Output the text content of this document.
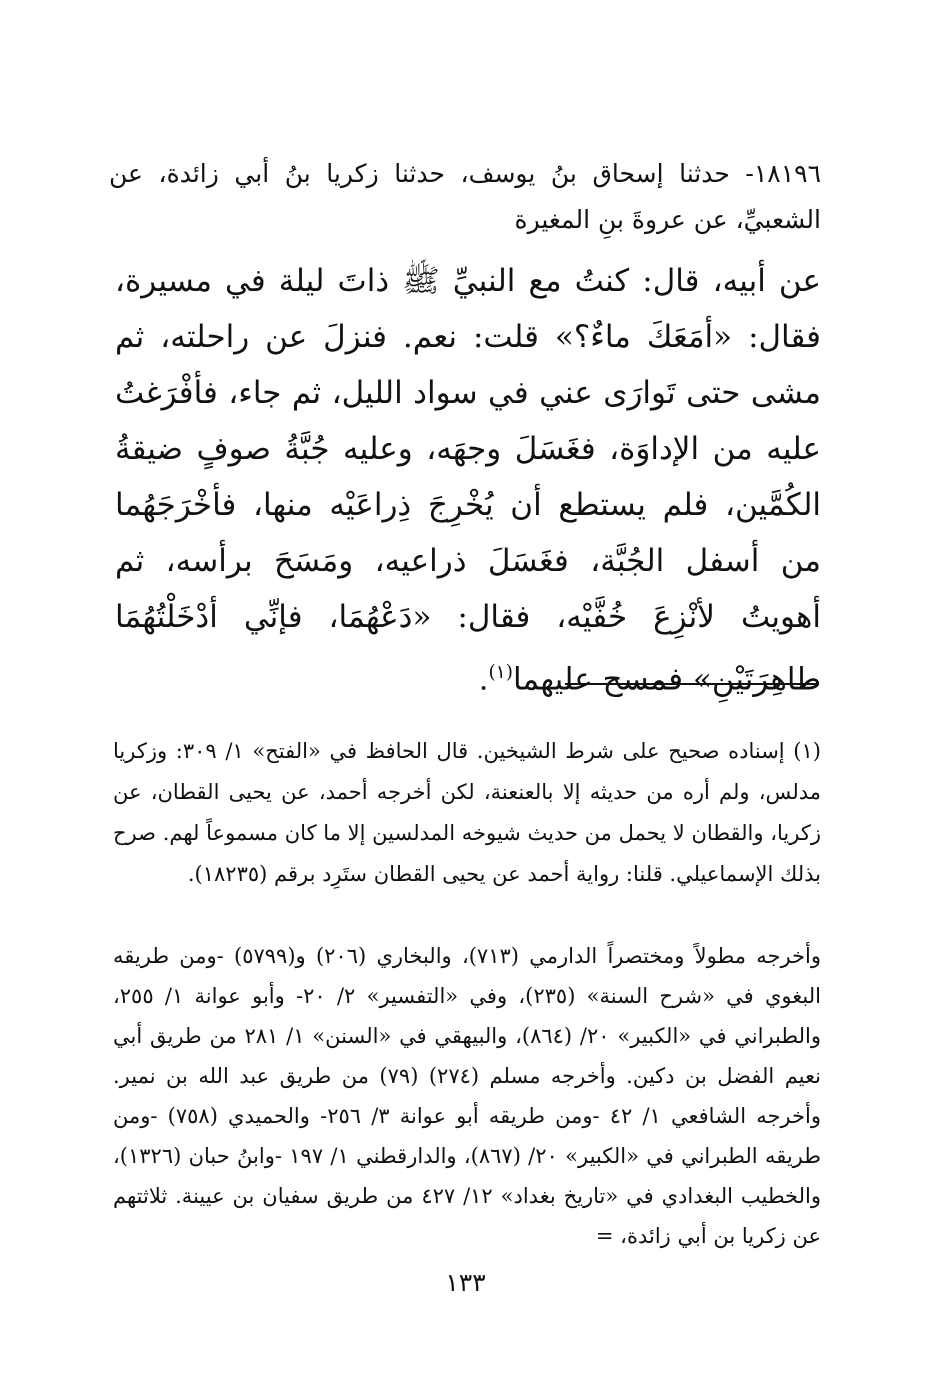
١٨١٩٦- حدثنا إسحاق بنُ يوسف، حدثنا زكريا بنُ أبي زائدة، عن الشعبيِّ، عن عروةَ بنِ المغيرة

عن أبيه، قال: كنتُ مع النبيِّ ﷺ ذاتَ ليلة في مسيرة، فقال: «أمَعَكَ ماءٌ؟» قلت: نعم. فنزلَ عن راحلته، ثم مشى حتى تَوارَى عني في سواد الليل، ثم جاء، فأفْرَغتُ عليه من الإداوَة، فغَسَلَ وجهَه، وعليه جُبَّةُ صوفٍ ضيقةُ الكُمَّين، فلم يستطع أن يُخْرِجَ ذِراعَيْه منها، فأخْرَجَهُما من أسفل الجُبَّة، فغَسَلَ ذراعيه، ومَسَحَ برأسه، ثم أهويتُ لأنْزِعَ خُفَّيْه، فقال: «دَعْهُمَا، فإنِّي أدْخَلْتُهُمَا طاهِرَتَيْنِ» فمسح عليهما$^{(١)}$.

(١) إسناده صحيح على شرط الشيخين. قال الحافظ في «الفتح» ١/ ٣٠٩: وزكريا مدلس، ولم أره من حديثه إلا بالعنعنة، لكن أخرجه أحمد، عن يحيى القطان، عن زكريا، والقطان لا يحمل من حديث شيوخه المدلسين إلا ما كان مسموعاً لهم. صرح بذلك الإسماعيلي. قلنا: رواية أحمد عن يحيى القطان ستَرِد برقم (١٨٢٣٥).

وأخرجه مطولاً ومختصراً الدارمي (٧١٣)، والبخاري (٢٠٦) و(٥٧٩٩) -ومن طريقه البغوي في «شرح السنة» (٢٣٥)، وفي «التفسير» ٢/ ٢٠- وأبو عوانة ١/ ٢٥٥، والطبراني في «الكبير» ٢٠/ (٨٦٤)، والبيهقي في «السنن» ١/ ٢٨١ من طريق أبي نعيم الفضل بن دكين. وأخرجه مسلم (٢٧٤) (٧٩) من طريق عبد الله بن نمير. وأخرجه الشافعي ١/ ٤٢ -ومن طريقه أبو عوانة ٣/ ٢٥٦- والحميدي (٧٥٨) -ومن طريقه الطبراني في «الكبير» ٢٠/ (٨٦٧)، والدارقطني ١/ ١٩٧ -وابنُ حبان (١٣٢٦)، والخطيب البغدادي في «تاريخ بغداد» ١٢/ ٤٢٧ من طريق سفيان بن عيينة. ثلاثتهم عن زكريا بن أبي زائدة، =

١٣٣
